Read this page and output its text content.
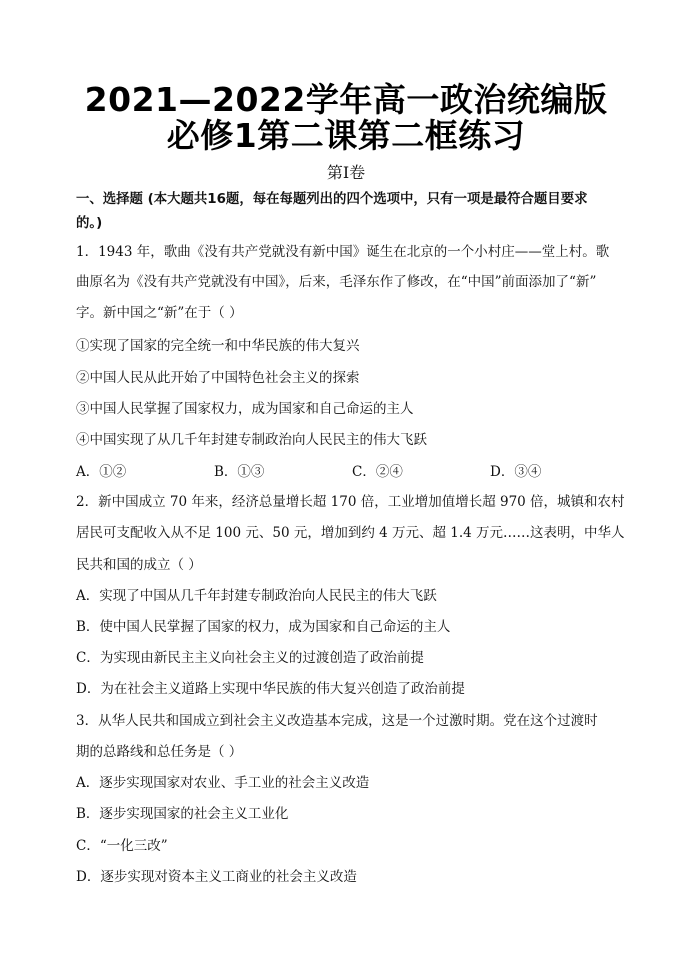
2021—2022学年高一政治统编版
必修1第二课第二框练习
第Ⅰ卷
一、选择题 (本大题共16题，每在每题列出的四个选项中，只有一项是最符合题目要求
的。)
1．1943 年，歌曲《没有共产党就没有新中国》诞生在北京的一个小村庄——堂上村。歌
曲原名为《没有共产党就没有中国》，后来，毛泽东作了修改，在“中国”前面添加了“新”
字。新中国之“新”在于（ ）
①实现了国家的完全统一和中华民族的伟大复兴
②中国人民从此开始了中国特色社会主义的探索
③中国人民掌握了国家权力，成为国家和自己命运的主人
④中国实现了从几千年封建专制政治向人民民主的伟大飞跃
A．①②	B．①③	C．②④	D．③④
2．新中国成立 70 年来，经济总量增长超 170 倍，工业增加值增长超 970 倍，城镇和农村
居民可支配收入从不足 100 元、50 元，增加到约 4 万元、超 1.4 万元……这表明，中华人
民共和国的成立（ ）
A．实现了中国从几千年封建专制政治向人民民主的伟大飞跃
B．使中国人民掌握了国家的权力，成为国家和自己命运的主人
C．为实现由新民主主义向社会主义的过渡创造了政治前提
D．为在社会主义道路上实现中华民族的伟大复兴创造了政治前提
3．从华人民共和国成立到社会主义改造基本完成，这是一个过激时期。党在这个过渡时
期的总路线和总任务是（ ）
A．逐步实现国家对农业、手工业的社会主义改造
B．逐步实现国家的社会主义工业化
C．“一化三改”
D．逐步实现对资本主义工商业的社会主义改造
